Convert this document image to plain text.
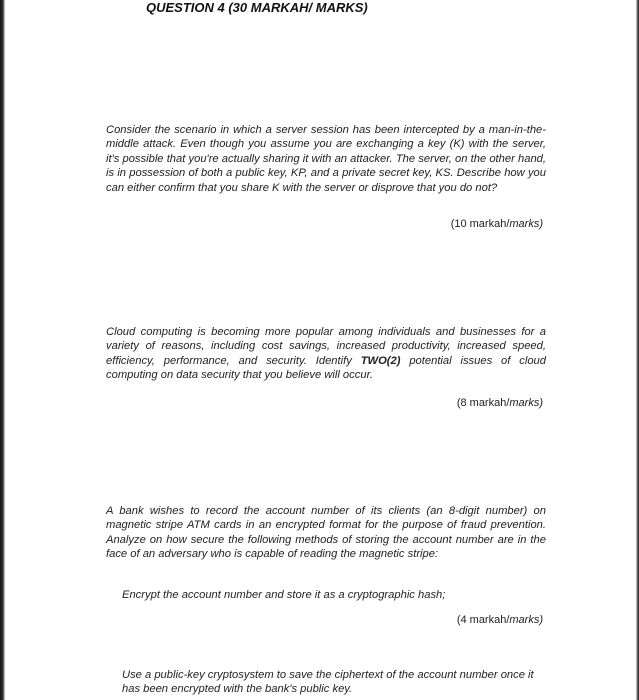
QUESTION 4 (30 MARKAH/ MARKS)
Consider the scenario in which a server session has been intercepted by a man-in-the-middle attack. Even though you assume you are exchanging a key (K) with the server, it's possible that you're actually sharing it with an attacker. The server, on the other hand, is in possession of both a public key, KP, and a private secret key, KS. Describe how you can either confirm that you share K with the server or disprove that you do not?
(10 markah/marks)
Cloud computing is becoming more popular among individuals and businesses for a variety of reasons, including cost savings, increased productivity, increased speed, efficiency, performance, and security. Identify TWO(2) potential issues of cloud computing on data security that you believe will occur.
(8 markah/marks)
A bank wishes to record the account number of its clients (an 8-digit number) on magnetic stripe ATM cards in an encrypted format for the purpose of fraud prevention. Analyze on how secure the following methods of storing the account number are in the face of an adversary who is capable of reading the magnetic stripe:
Encrypt the account number and store it as a cryptographic hash;
(4 markah/marks)
Use a public-key cryptosystem to save the ciphertext of the account number once it has been encrypted with the bank's public key.
